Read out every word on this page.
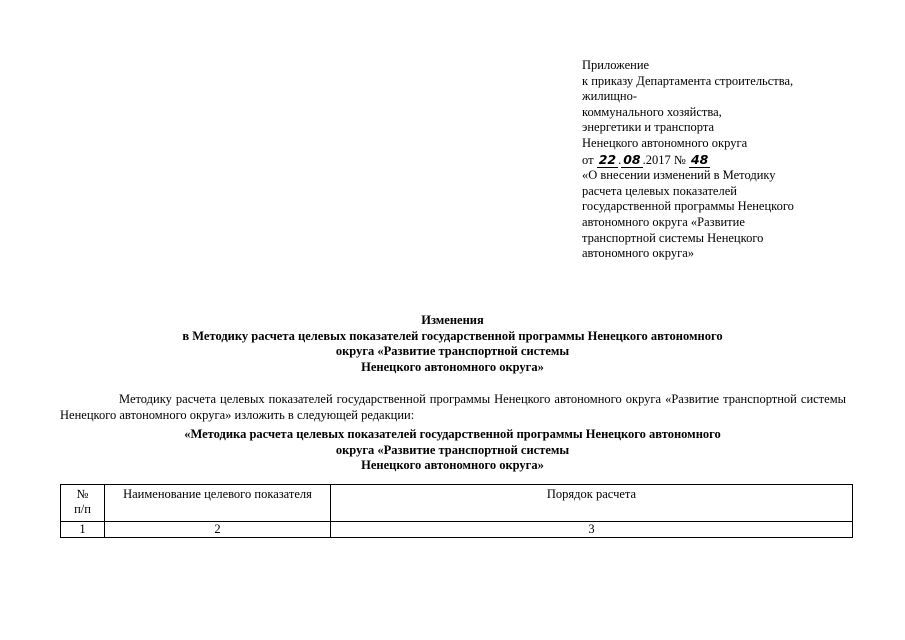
Приложение
к приказу Департамента строительства,
жилищно-
коммунального хозяйства,
энергетики и транспорта
Ненецкого автономного округа
от 22 . 08 .2017 № 48
«О внесении изменений в Методику
расчета целевых показателей
государственной программы Ненецкого
автономного округа «Развитие
транспортной системы Ненецкого
автономного округа»
Изменения
в Методику расчета целевых показателей государственной программы Ненецкого автономного
округа «Развитие транспортной системы
Ненецкого автономного округа»
Методику расчета целевых показателей государственной программы Ненецкого автономного округа «Развитие транспортной системы Ненецкого автономного округа» изложить в следующей редакции:
«Методика расчета целевых показателей государственной программы Ненецкого автономного
округа «Развитие транспортной системы
Ненецкого автономного округа»
№
п/п	Наименование целевого показателя	Порядок расчета
1	2	3
